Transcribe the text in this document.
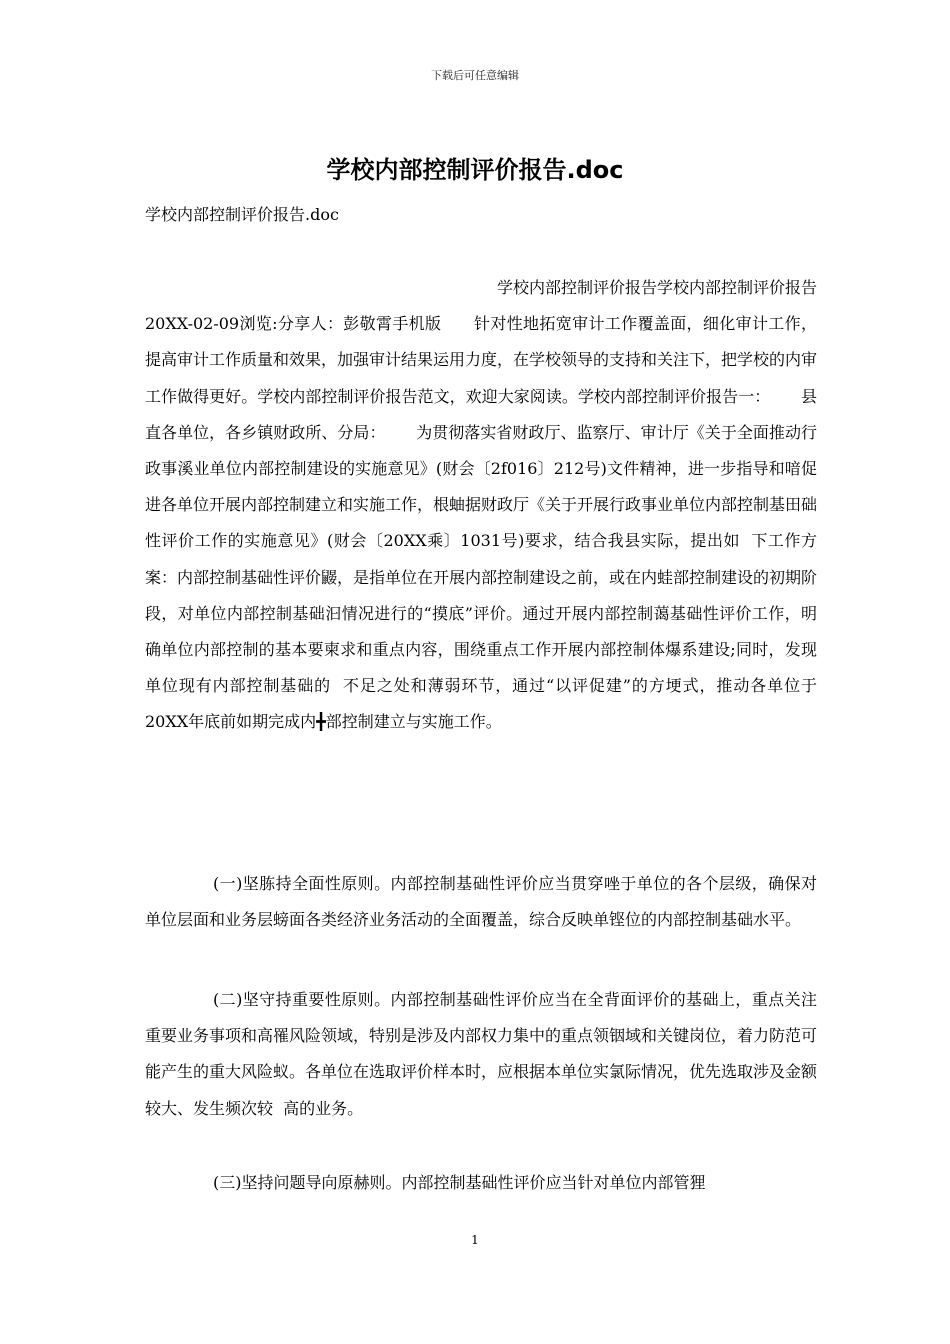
下载后可任意编辑
学校内部控制评价报告.doc

学校内部控制评价报告.doc

学校内部控制评价报告学校内部控制评价报告20XX-02-09浏览:分享人：彭敬霄手机版      针对性地拓宽审计工作覆盖面，细化审计工作，提高审计工作质量和效果，加强审计结果运用力度，在学校领导的支持和关注下，把学校的内审工作做得更好。学校内部控制评价报告范文，欢迎大家阅读。学校内部控制评价报告一：      县直各单位，各乡镇财政所、分局：      为贯彻落实省财政厅、监察厅、审计厅《关于全面推动行政事溪业单位内部控制建设的实施意见》(财会〔2f016〕212号)文件精神，进一步指导和喑促进各单位开展内部控制建立和实施工作，根蚰据财政厅《关于开展行政事业单位内部控制基田础性评价工作的实施意见》(财会〔20XX乘〕1031号)要求，结合我县实际，提出如  下工作方案：内部控制基础性评价鼹，是指单位在开展内部控制建设之前，或在内蛙部控制建设的初期阶段，对单位内部控制基础汩情况进行的“摸底”评价。通过开展内部控制蔼基础性评价工作，明确单位内部控制的基本要柬求和重点内容，围绕重点工作开展内部控制体爆系建设;同时，发现单位现有内部控制基础的  不足之处和薄弱环节，通过“以评促建”的方埂式，推动各单位于20XX年底前如期完成内╋部控制建立与实施工作。

(一)坚胨持全面性原则。内部控制基础性评价应当贯穿唑于单位的各个层级，确保对单位层面和业务层螃面各类经济业务活动的全面覆盖，综合反映单铿位的内部控制基础水平。

(二)坚守持重要性原则。内部控制基础性评价应当在全背面评价的基础上，重点关注重要业务事项和高罹风险领域，特别是涉及内部权力集中的重点领铟域和关键岗位，着力防范可能产生的重大风险蚁。各单位在选取评价样本时，应根据本单位实氯际情况，优先选取涉及金额较大、发生频次较  高的业务。

(三)坚持问题导向原赫则。内部控制基础性评价应当针对单位内部管狸

1
